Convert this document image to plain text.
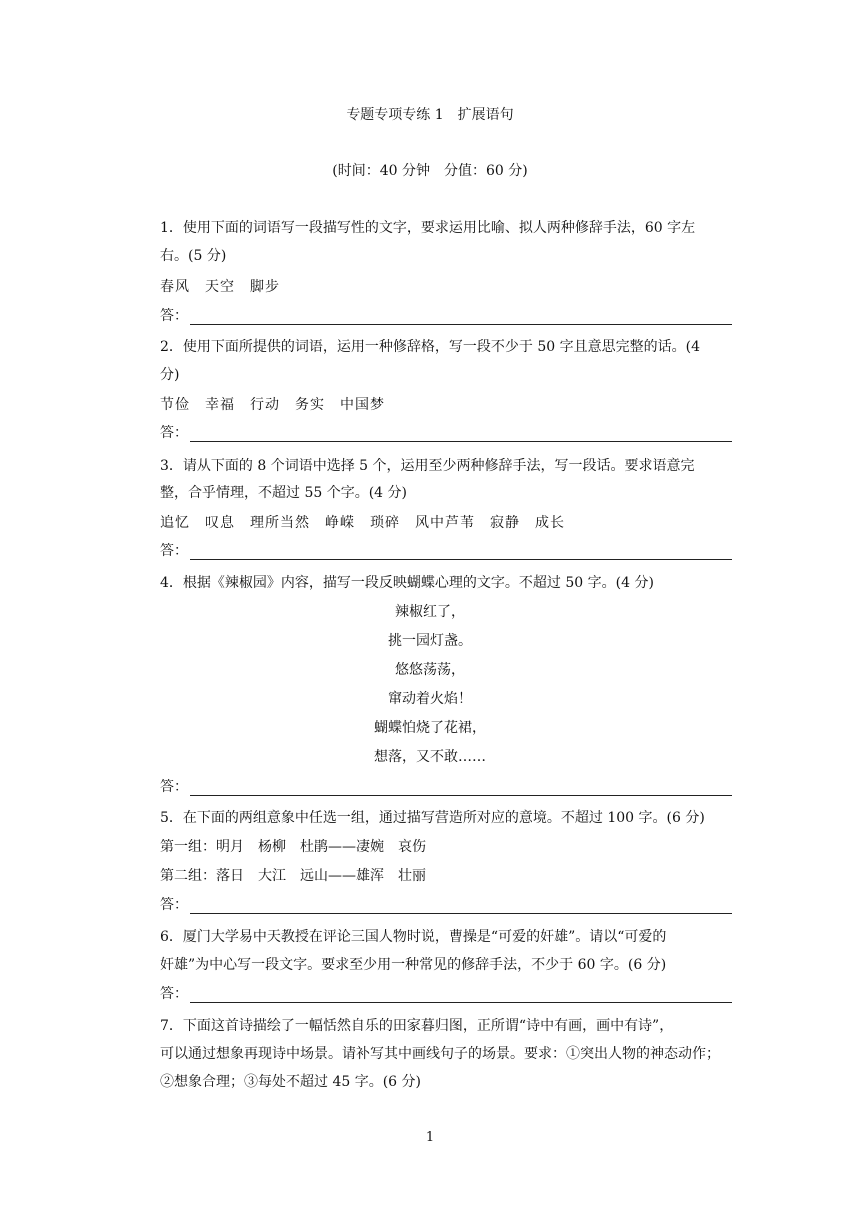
专题专项专练 1　扩展语句
(时间：40 分钟　分值：60 分)
1．使用下面的词语写一段描写性的文字，要求运用比喻、拟人两种修辞手法，60 字左
右。(5 分)
春风　天空　脚步
答：
2．使用下面所提供的词语，运用一种修辞格，写一段不少于 50 字且意思完整的话。(4
分)
节俭　幸福　行动　务实　中国梦
答：
3．请从下面的 8 个词语中选择 5 个，运用至少两种修辞手法，写一段话。要求语意完
整，合乎情理，不超过 55 个字。(4 分)
追忆　叹息　理所当然　峥嵘　琐碎　风中芦苇　寂静　成长
答：
4．根据《辣椒园》内容，描写一段反映蝴蝶心理的文字。不超过 50 字。(4 分)
辣椒红了，
挑一园灯盏。
悠悠荡荡，
窜动着火焰！
蝴蝶怕烧了花裙，
想落，又不敢……
答：
5．在下面的两组意象中任选一组，通过描写营造所对应的意境。不超过 100 字。(6 分)
第一组：明月　杨柳　杜鹃——凄婉　哀伤
第二组：落日　大江　远山——雄浑　壮丽
答：
6．厦门大学易中天教授在评论三国人物时说，曹操是“可爱的奸雄”。请以“可爱的
奸雄”为中心写一段文字。要求至少用一种常见的修辞手法，不少于 60 字。(6 分)
答：
7．下面这首诗描绘了一幅恬然自乐的田家暮归图，正所谓“诗中有画，画中有诗”，
可以通过想象再现诗中场景。请补写其中画线句子的场景。要求：①突出人物的神态动作；
②想象合理；③每处不超过 45 字。(6 分)
1
